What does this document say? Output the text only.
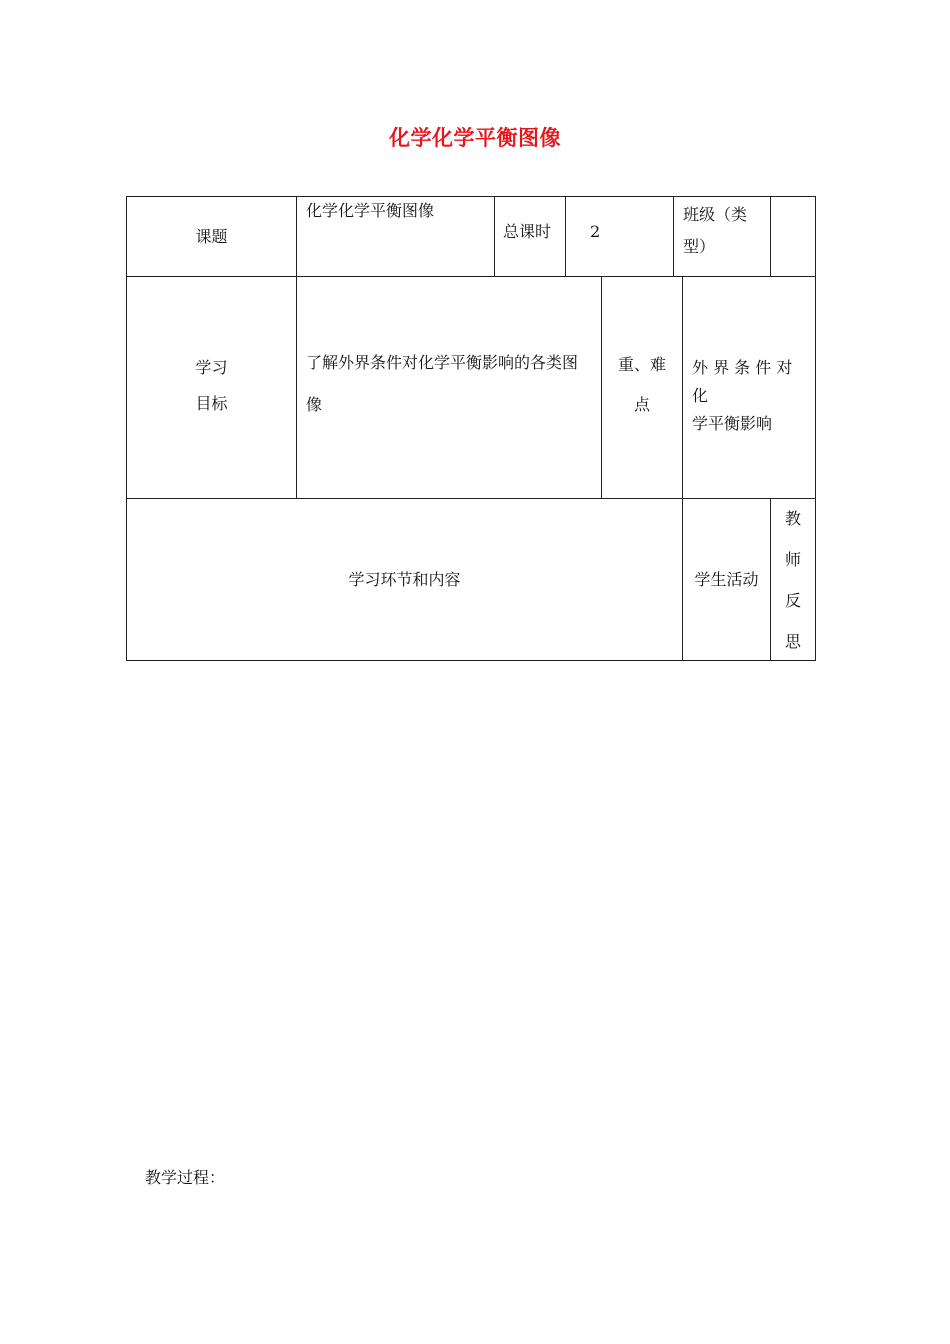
化学化学平衡图像
课题
化学化学平衡图像
总课时	2
班级（类
型）
学习
目标
了解外界条件对化学平衡影响的各类图
像
重、难
点
外 界 条 件 对 化
学平衡影响
学习环节和内容	学生活动
教
师
反
思
教学过程：
